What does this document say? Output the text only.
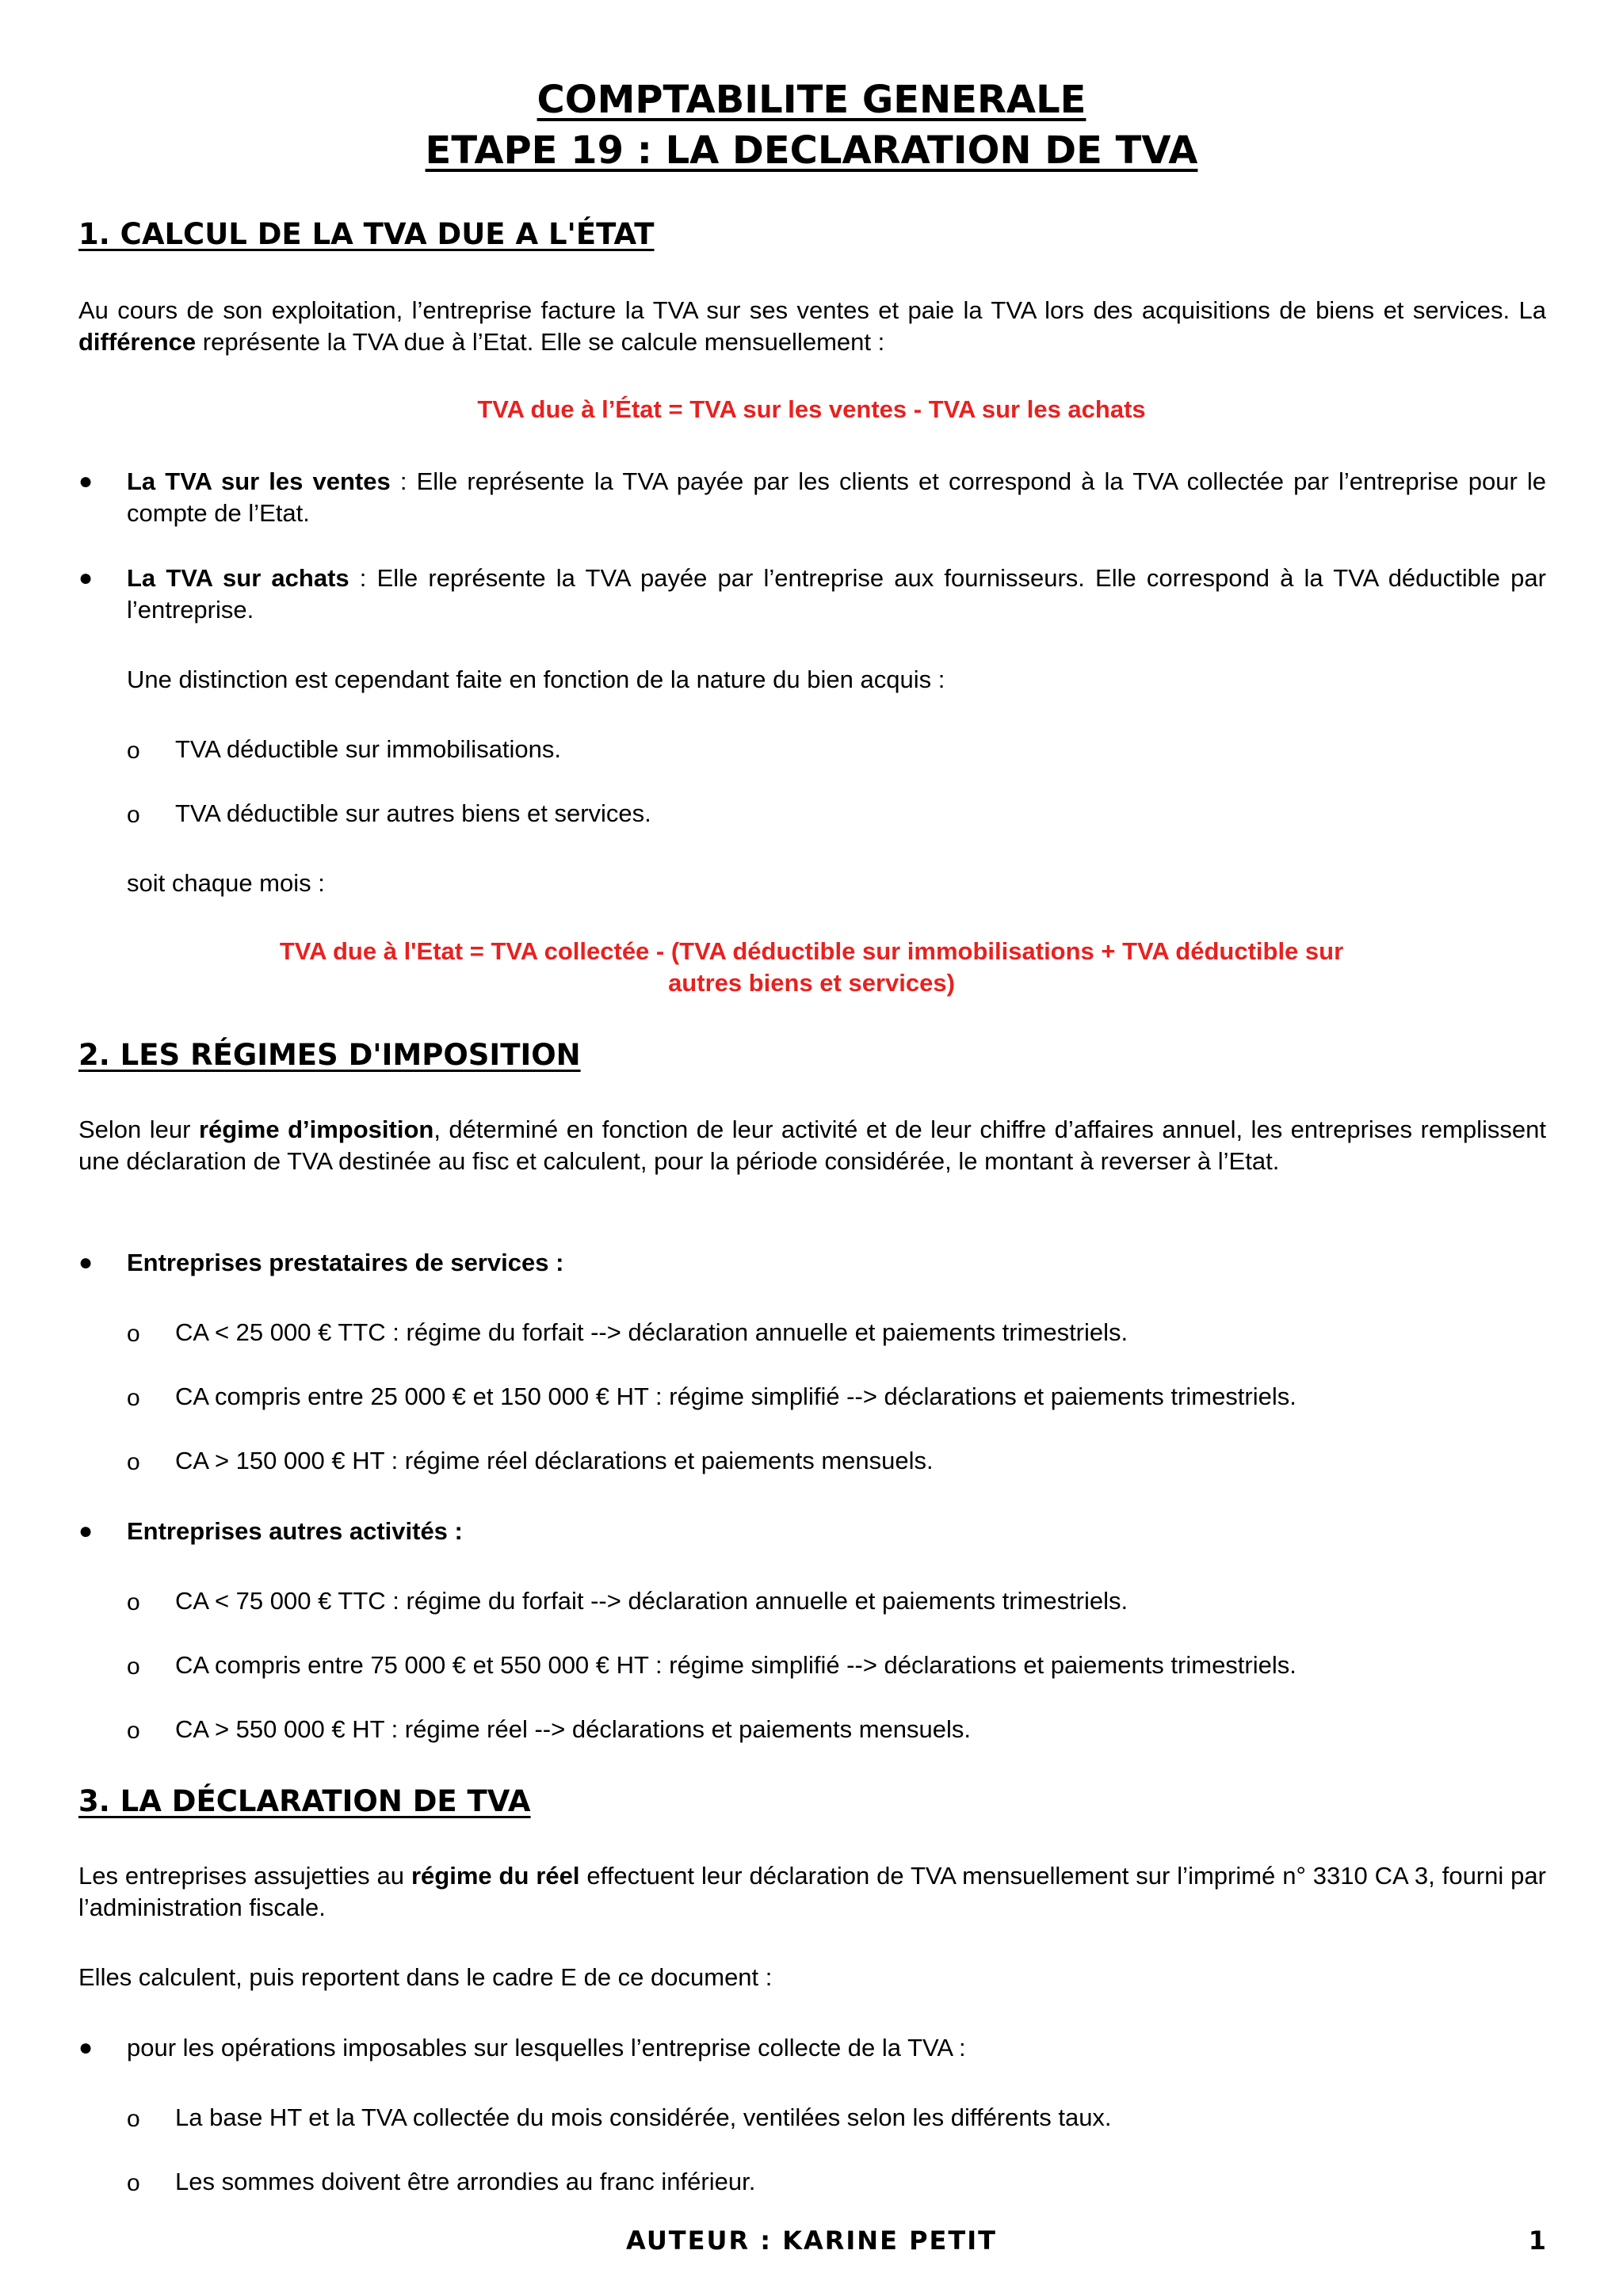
COMPTABILITE GENERALE
ETAPE 19 : LA DECLARATION DE TVA
1. CALCUL DE LA TVA DUE A L'ÉTAT

Au cours de son exploitation, l’entreprise facture la TVA sur ses ventes et paie la TVA lors des acquisitions de biens et services. La différence représente la TVA due à l’Etat. Elle se calcule mensuellement :

TVA due à l’État = TVA sur les ventes - TVA sur les achats

●	La TVA sur les ventes : Elle représente la TVA payée par les clients et correspond à la TVA collectée par l’entreprise pour le compte de l’Etat.
●	La TVA sur achats : Elle représente la TVA payée par l’entreprise aux fournisseurs. Elle correspond à la TVA déductible par l’entreprise.

Une distinction est cependant faite en fonction de la nature du bien acquis :

o TVA déductible sur immobilisations.
o TVA déductible sur autres biens et services.

soit chaque mois :

TVA due à l'Etat = TVA collectée - (TVA déductible sur immobilisations + TVA déductible sur

autres biens et services)

2. LES RÉGIMES D'IMPOSITION

Selon leur régime d’imposition, déterminé en fonction de leur activité et de leur chiffre d’affaires annuel, les entreprises remplissent une déclaration de TVA destinée au fisc et calculent, pour la période considérée, le montant à reverser à l’Etat.

●	Entreprises prestataires de services :
o CA < 25 000 € TTC : régime du forfait --> déclaration annuelle et paiements trimestriels.
o CA compris entre 25 000 € et 150 000 € HT : régime simplifié --> déclarations et paiements trimestriels.
o CA > 150 000 € HT : régime réel déclarations et paiements mensuels.
●	Entreprises autres activités :
o CA < 75 000 € TTC : régime du forfait --> déclaration annuelle et paiements trimestriels.
o CA compris entre 75 000 € et 550 000 € HT : régime simplifié --> déclarations et paiements trimestriels.
o CA > 550 000 € HT : régime réel --> déclarations et paiements mensuels.
3. LA DÉCLARATION DE TVA

Les entreprises assujetties au régime du réel effectuent leur déclaration de TVA mensuellement sur l’imprimé n° 3310 CA 3, fourni par l’administration fiscale.

Elles calculent, puis reportent dans le cadre E de ce document :

●	pour les opérations imposables sur lesquelles l’entreprise collecte de la TVA :
o La base HT et la TVA collectée du mois considérée, ventilées selon les différents taux.
o Les sommes doivent être arrondies au franc inférieur.
AUTEUR : KARINE PETIT	1
